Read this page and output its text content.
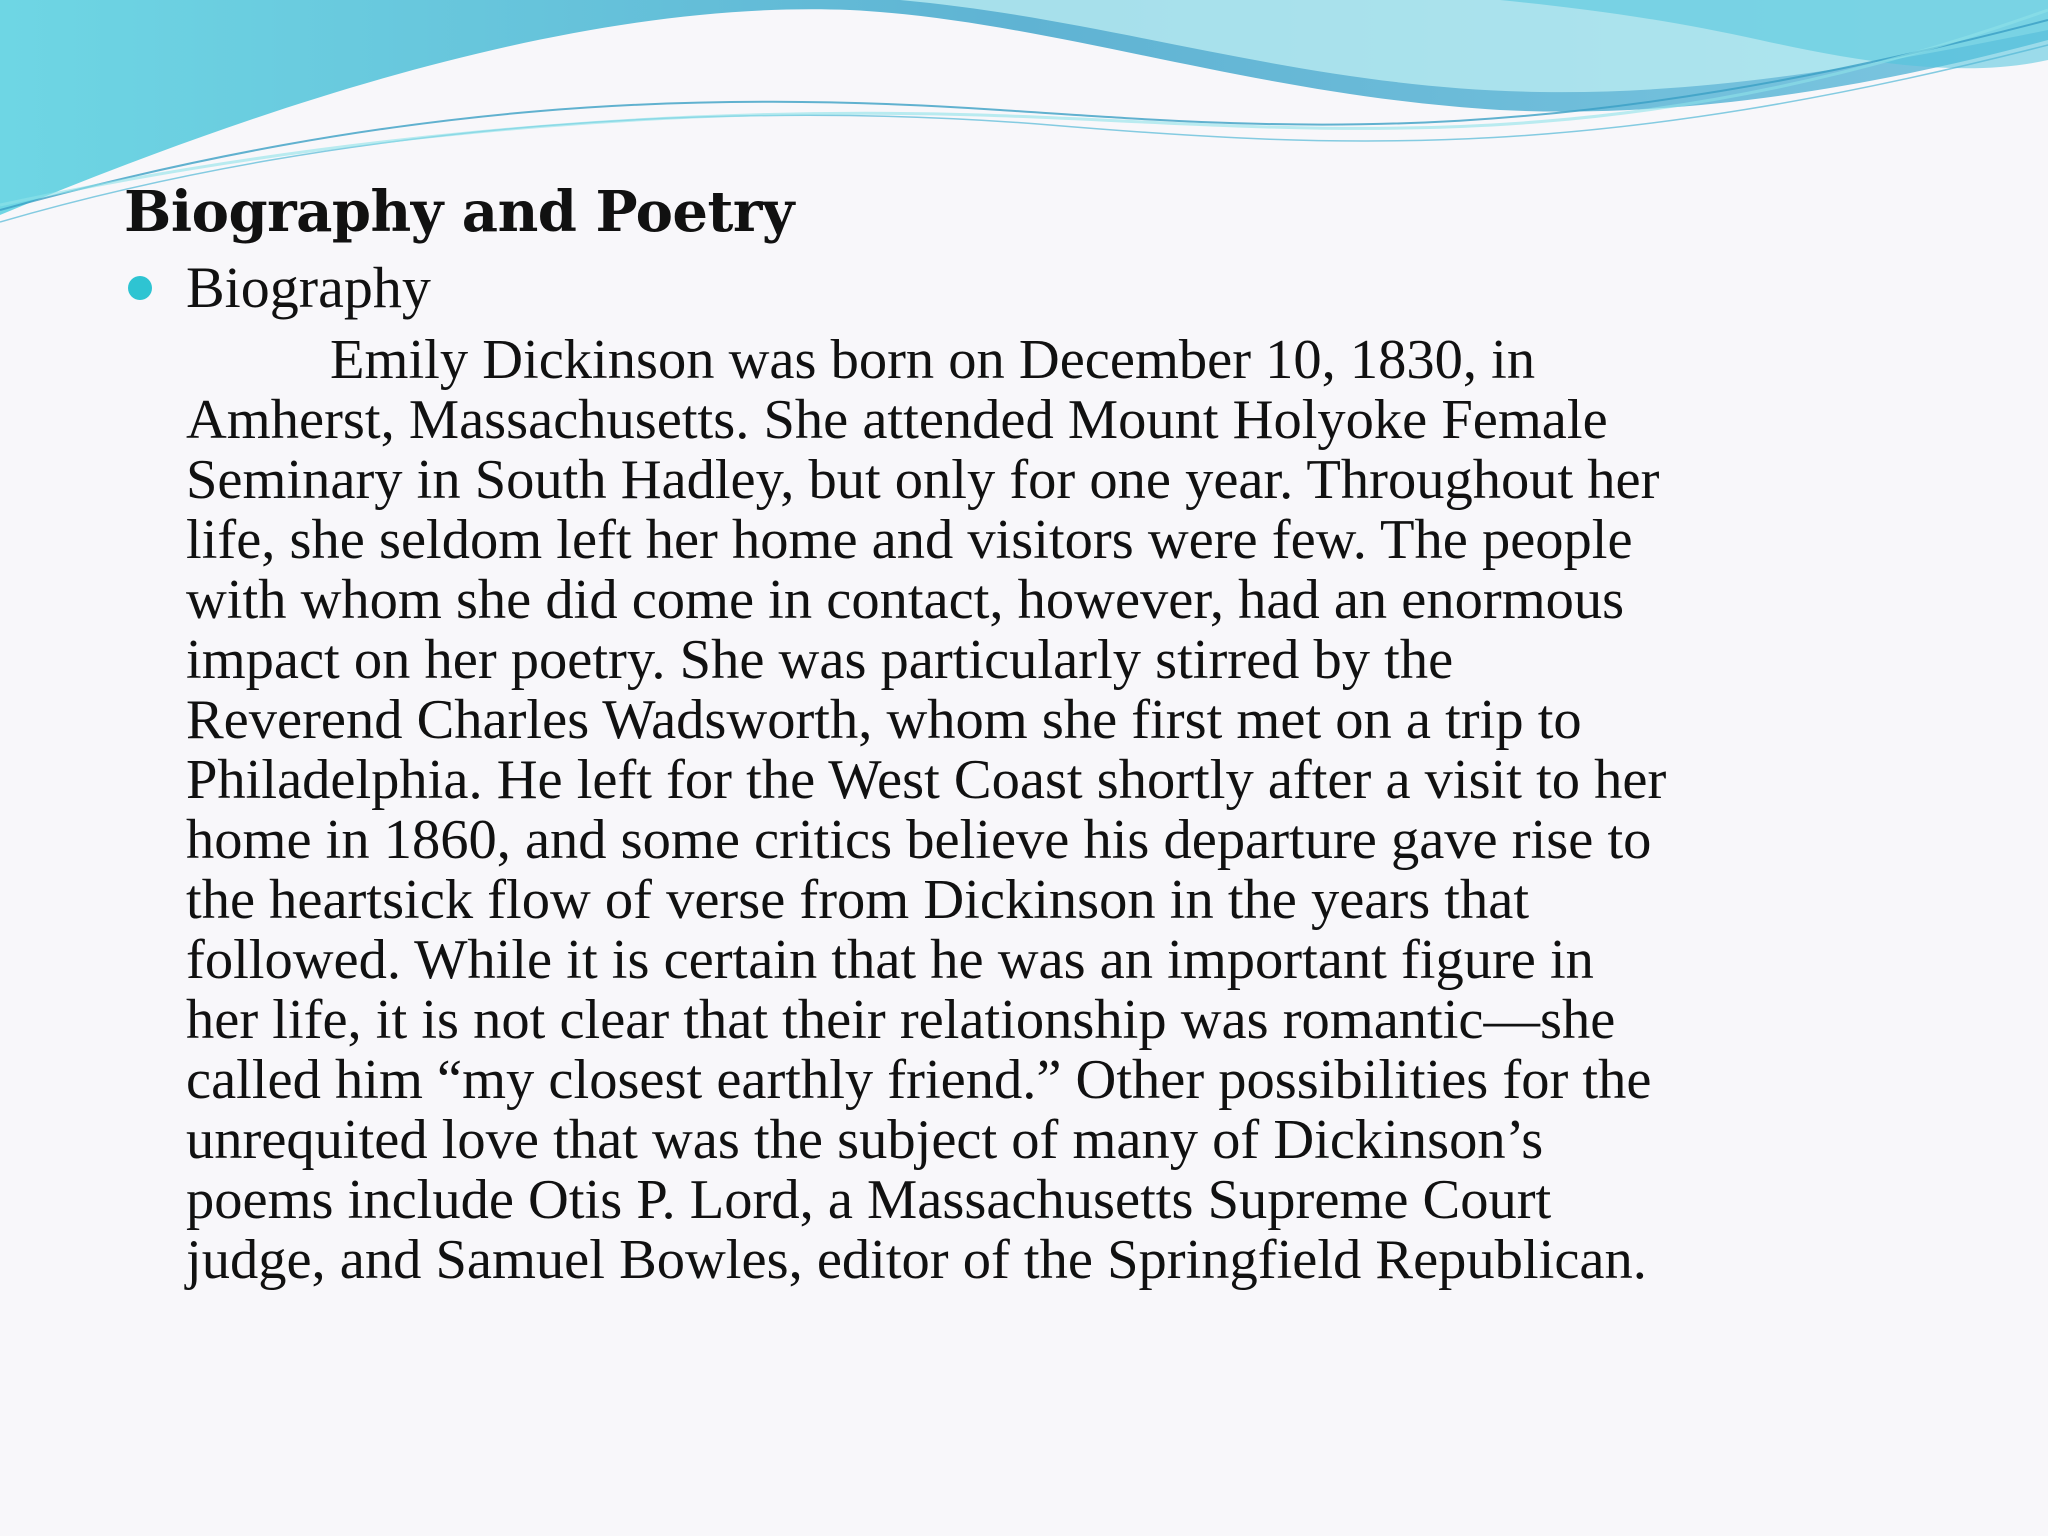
Biography and Poetry
Biography
Emily Dickinson was born on December 10, 1830, in
Amherst, Massachusetts. She attended Mount Holyoke Female
Seminary in South Hadley, but only for one year. Throughout her
life, she seldom left her home and visitors were few. The people
with whom she did come in contact, however, had an enormous
impact on her poetry. She was particularly stirred by the
Reverend Charles Wadsworth, whom she first met on a trip to
Philadelphia. He left for the West Coast shortly after a visit to her
home in 1860, and some critics believe his departure gave rise to
the heartsick flow of verse from Dickinson in the years that
followed. While it is certain that he was an important figure in
her life, it is not clear that their relationship was romantic—she
called him “my closest earthly friend.” Other possibilities for the
unrequited love that was the subject of many of Dickinson’s
poems include Otis P. Lord, a Massachusetts Supreme Court
judge, and Samuel Bowles, editor of the Springfield Republican.
